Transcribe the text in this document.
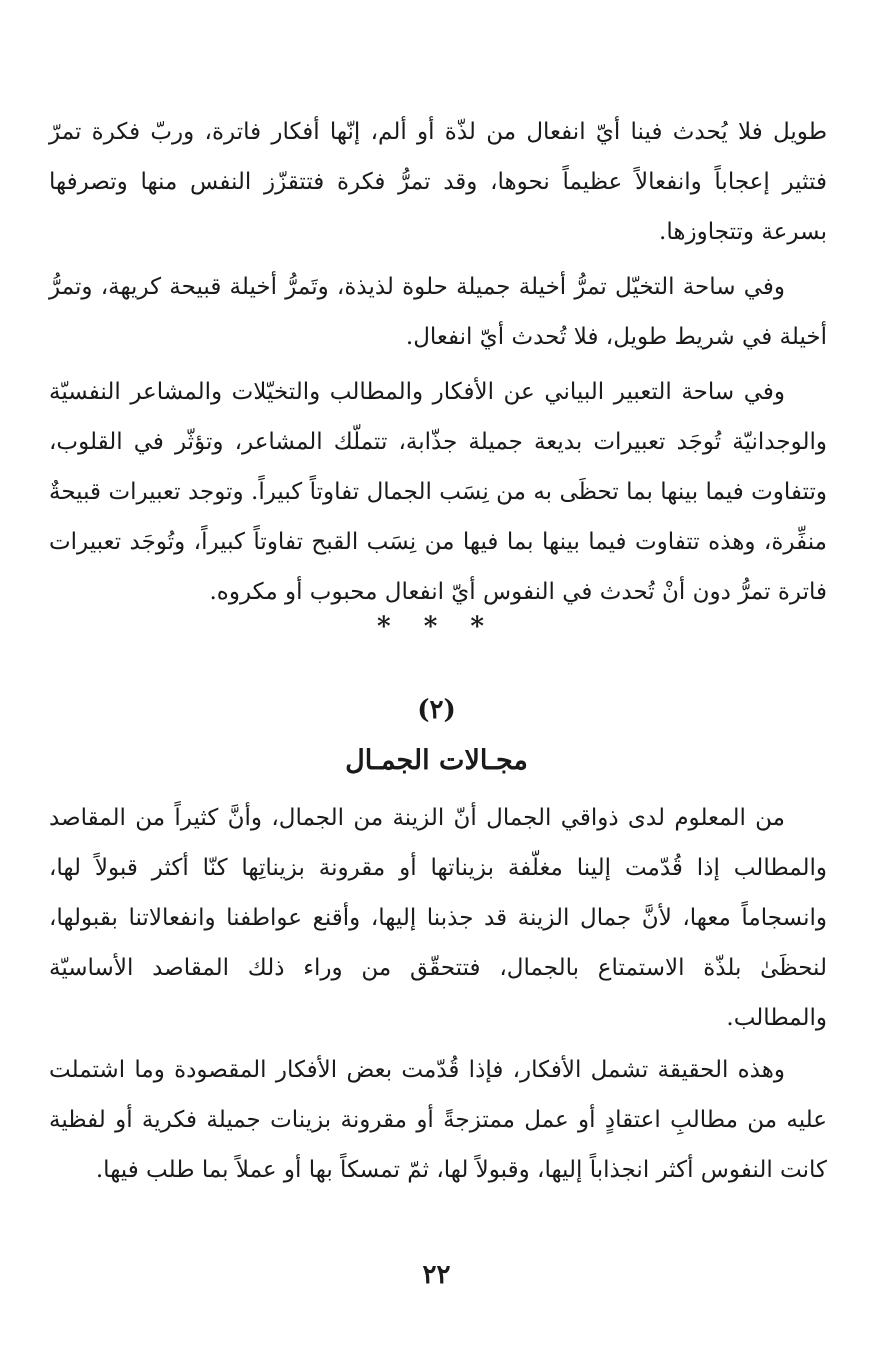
طويل فلا يُحدث فينا أيّ انفعال من لذّة أو ألم، إنّها أفكار فاترة، وربّ فكرة تمرّ فتثير إعجاباً وانفعالاً عظيماً نحوها، وقد تمرُّ فكرة فتتقزّز النفس منها وتصرفها بسرعة وتتجاوزها.

وفي ساحة التخيّل تمرُّ أخيلة جميلة حلوة لذيذة، وتَمرُّ أخيلة قبيحة كريهة، وتمرُّ أخيلة في شريط طويل، فلا تُحدث أيّ انفعال.

وفي ساحة التعبير البياني عن الأفكار والمطالب والتخيّلات والمشاعر النفسيّة والوجدانيّة تُوجَد تعبيرات بديعة جميلة جذّابة، تتملّك المشاعر، وتؤثّر في القلوب، وتتفاوت فيما بينها بما تحظَى به من نِسَب الجمال تفاوتاً كبيراً. وتوجد تعبيرات قبيحةٌ منفِّرة، وهذه تتفاوت فيما بينها بما فيها من نِسَب القبح تفاوتاً كبيراً، وتُوجَد تعبيرات فاترة تمرُّ دون أنْ تُحدث في النفوس أيّ انفعال محبوب أو مكروه.

* * *
(٢)
مجـالات الجمـال

من المعلوم لدى ذواقي الجمال أنّ الزينة من الجمال، وأنَّ كثيراً من المقاصد والمطالب إذا قُدّمت إلينا مغلّفة بزيناتها أو مقرونة بزيناتِها كنّا أكثر قبولاً لها، وانسجاماً معها، لأنَّ جمال الزينة قد جذبنا إليها، وأقنع عواطفنا وانفعالاتنا بقبولها، لنحظَىٰ بلذّة الاستمتاع بالجمال، فتتحقّق من وراء ذلك المقاصد الأساسيّة والمطالب.

وهذه الحقيقة تشمل الأفكار، فإذا قُدّمت بعض الأفكار المقصودة وما اشتملت عليه من مطالبِ اعتقادٍ أو عمل ممتزجةً أو مقرونة بزينات جميلة فكرية أو لفظية كانت النفوس أكثر انجذاباً إليها، وقبولاً لها، ثمّ تمسكاً بها أو عملاً بما طلب فيها.

٢٢
